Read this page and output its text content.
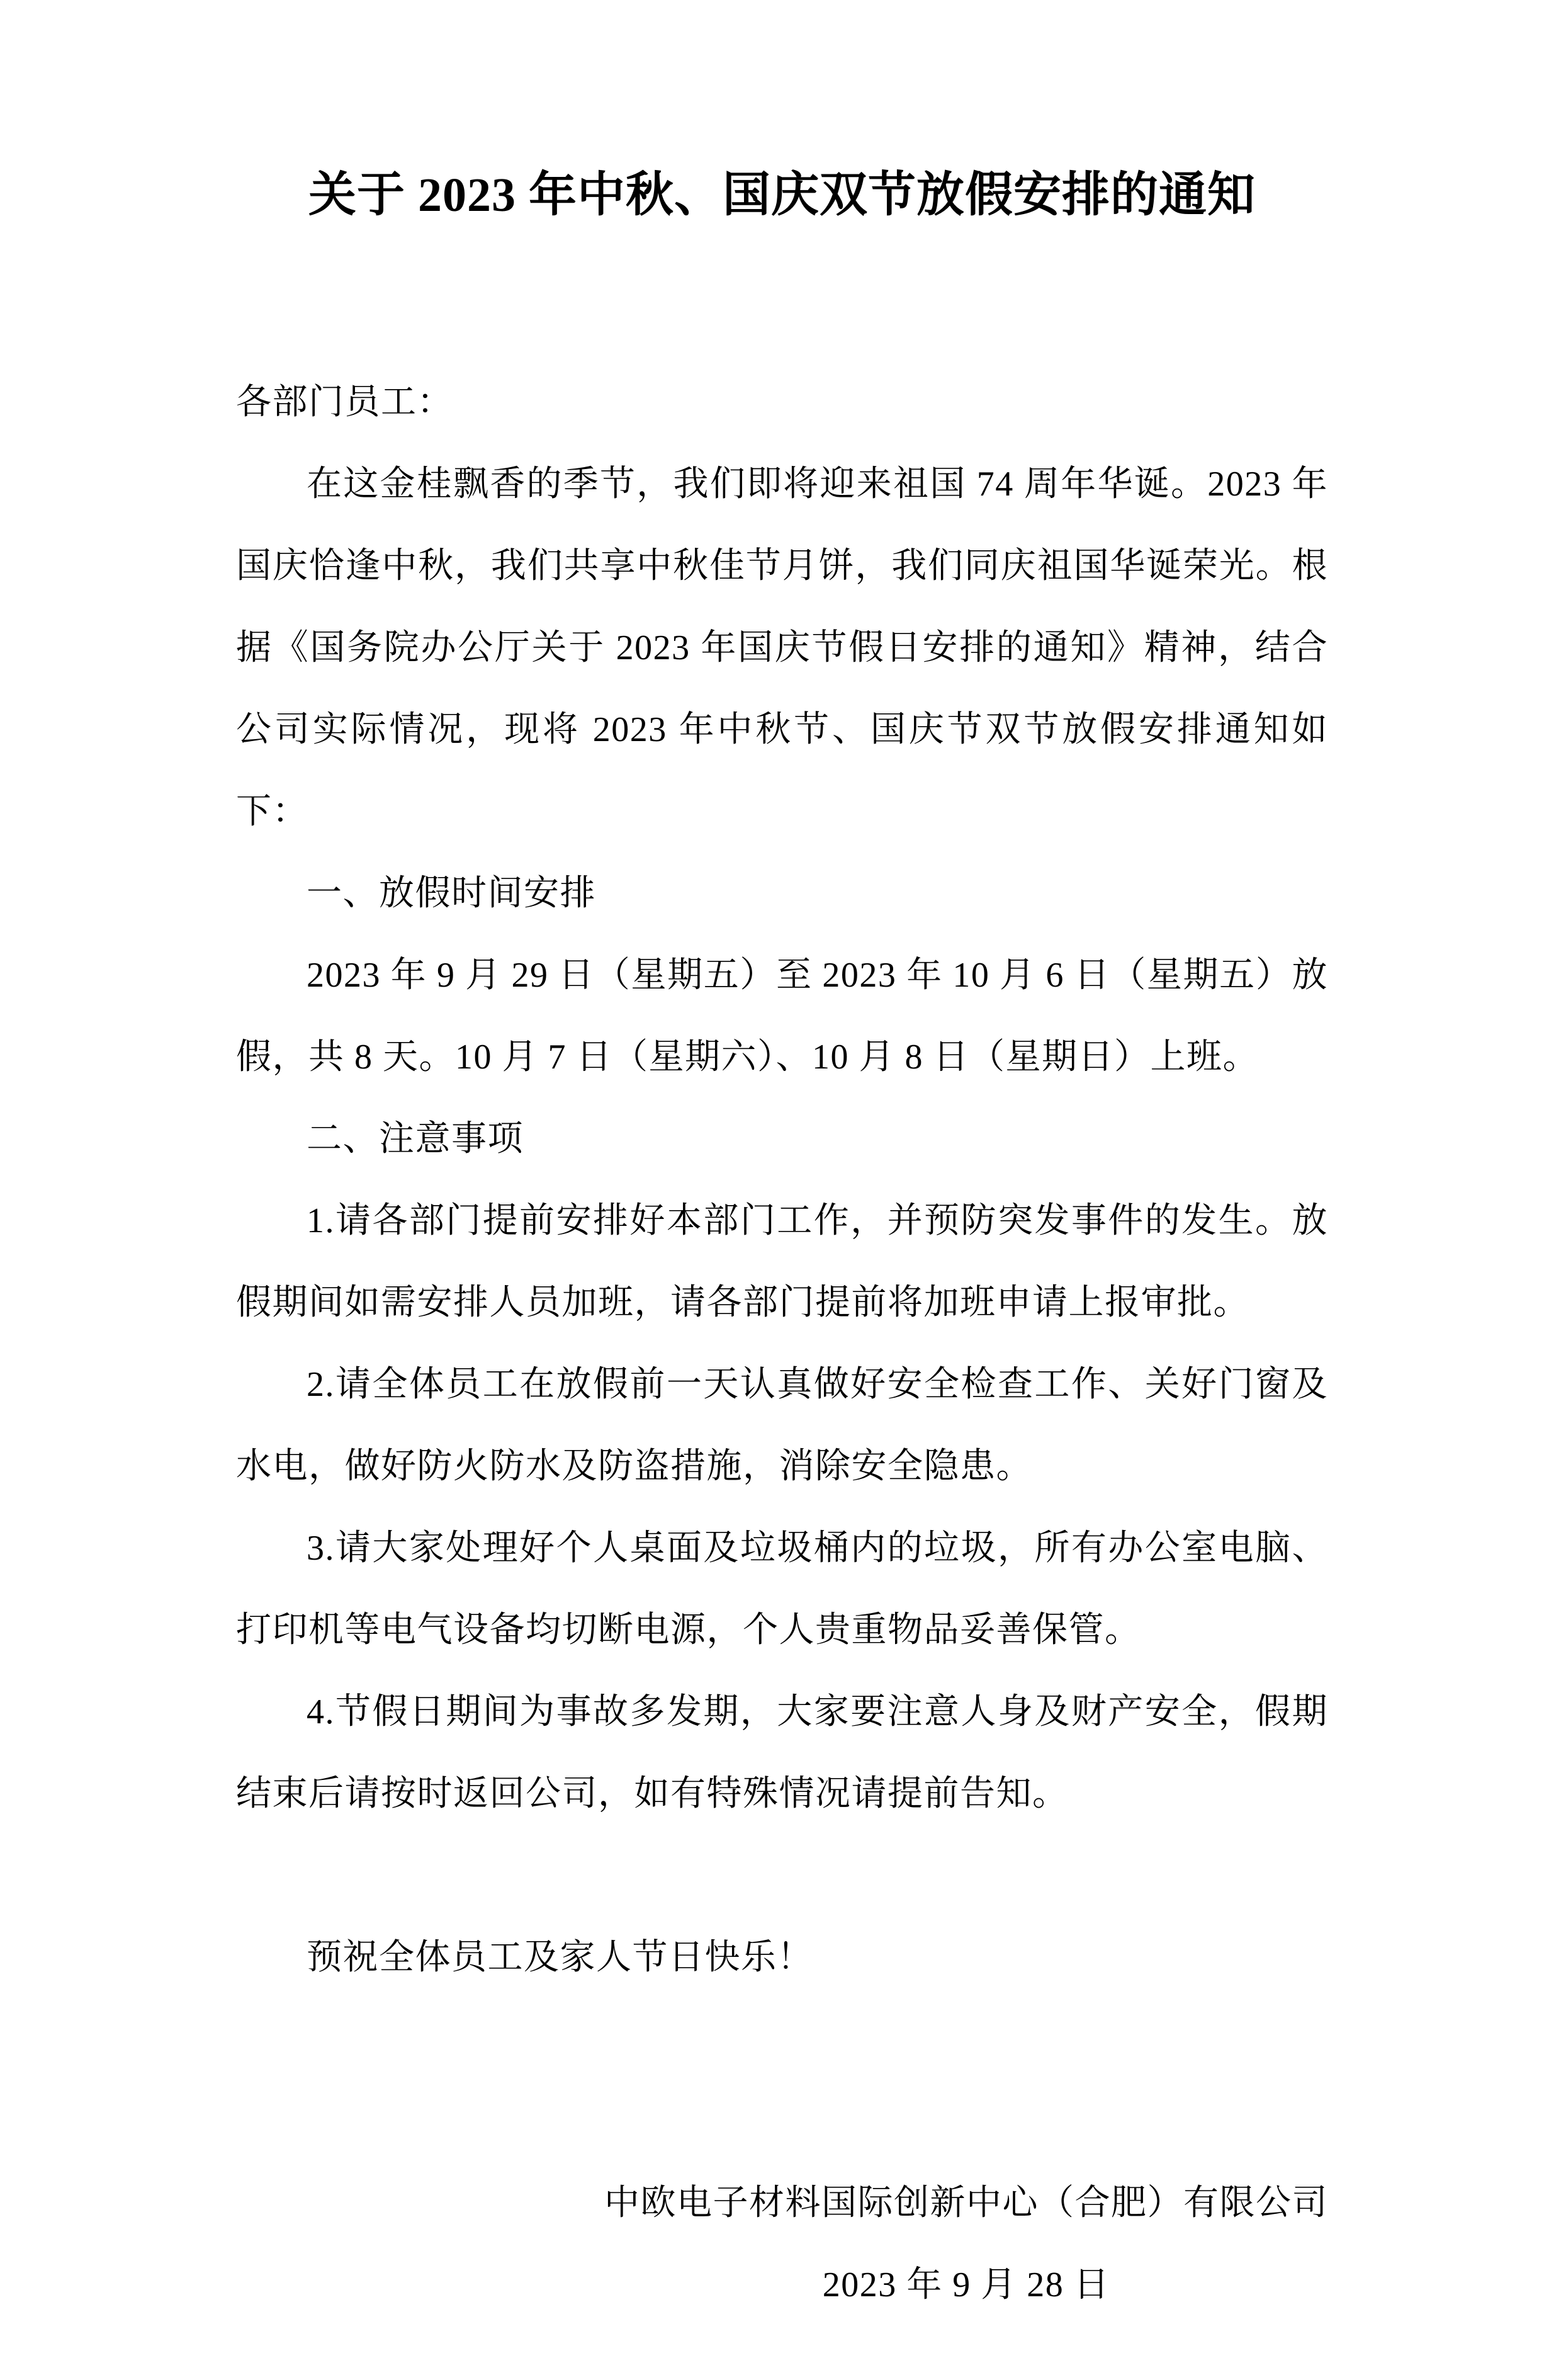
关于 2023 年中秋、国庆双节放假安排的通知

各部门员工：

在这金桂飘香的季节，我们即将迎来祖国 74 周年华诞。2023 年国庆恰逢中秋，我们共享中秋佳节月饼，我们同庆祖国华诞荣光。根据《国务院办公厅关于 2023 年国庆节假日安排的通知》精神，结合公司实际情况，现将 2023 年中秋节、国庆节双节放假安排通知如下：

一、放假时间安排

2023 年 9 月 29 日（星期五）至 2023 年 10 月 6 日（星期五）放假，共 8 天。10 月 7 日（星期六）、10 月 8 日（星期日）上班。

二、注意事项

1.请各部门提前安排好本部门工作，并预防突发事件的发生。放假期间如需安排人员加班，请各部门提前将加班申请上报审批。

2.请全体员工在放假前一天认真做好安全检查工作、关好门窗及水电，做好防火防水及防盗措施，消除安全隐患。

3.请大家处理好个人桌面及垃圾桶内的垃圾，所有办公室电脑、打印机等电气设备均切断电源，个人贵重物品妥善保管。

4.节假日期间为事故多发期，大家要注意人身及财产安全，假期结束后请按时返回公司，如有特殊情况请提前告知。

预祝全体员工及家人节日快乐！

中欧电子材料国际创新中心（合肥）有限公司

2023 年 9 月 28 日
